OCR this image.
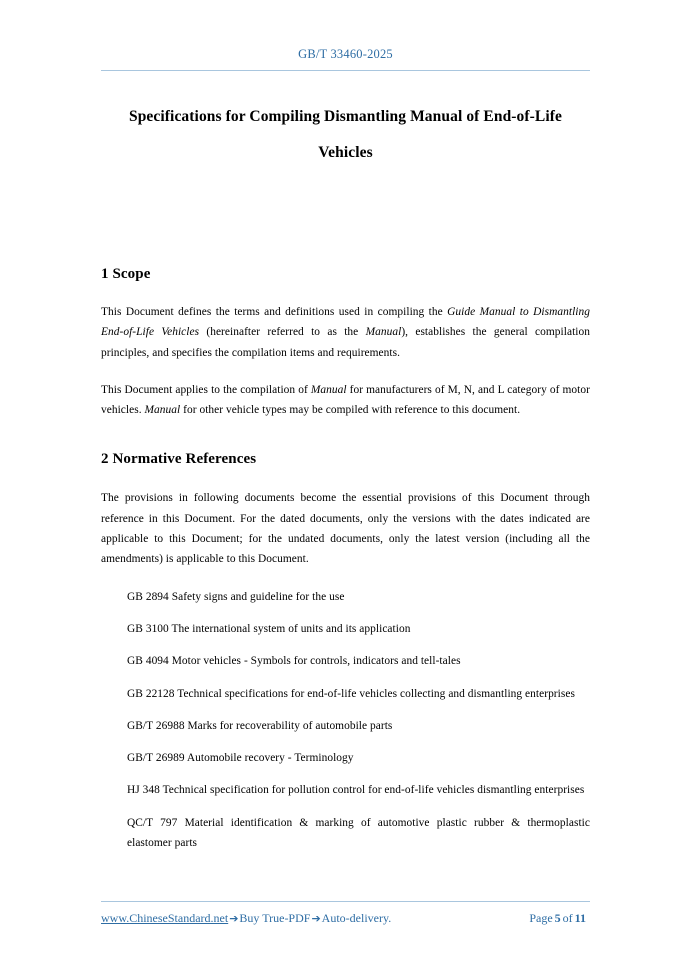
GB/T 33460-2025
Specifications for Compiling Dismantling Manual of End-of-Life Vehicles
1 Scope

This Document defines the terms and definitions used in compiling the Guide Manual to Dismantling End-of-Life Vehicles (hereinafter referred to as the Manual), establishes the general compilation principles, and specifies the compilation items and requirements.

This Document applies to the compilation of Manual for manufacturers of M, N, and L category of motor vehicles. Manual for other vehicle types may be compiled with reference to this document.

2 Normative References

The provisions in following documents become the essential provisions of this Document through reference in this Document. For the dated documents, only the versions with the dates indicated are applicable to this Document; for the undated documents, only the latest version (including all the amendments) is applicable to this Document.

GB 2894 Safety signs and guideline for the use
GB 3100 The international system of units and its application
GB 4094 Motor vehicles - Symbols for controls, indicators and tell-tales
GB 22128 Technical specifications for end-of-life vehicles collecting and dismantling enterprises
GB/T 26988 Marks for recoverability of automobile parts
GB/T 26989 Automobile recovery - Terminology
HJ 348 Technical specification for pollution control for end-of-life vehicles dismantling enterprises
QC/T 797 Material identification & marking of automotive plastic rubber & thermoplastic elastomer parts
www.ChineseStandard.net➔Buy True-PDF➔Auto-delivery.	Page 5 of 11
